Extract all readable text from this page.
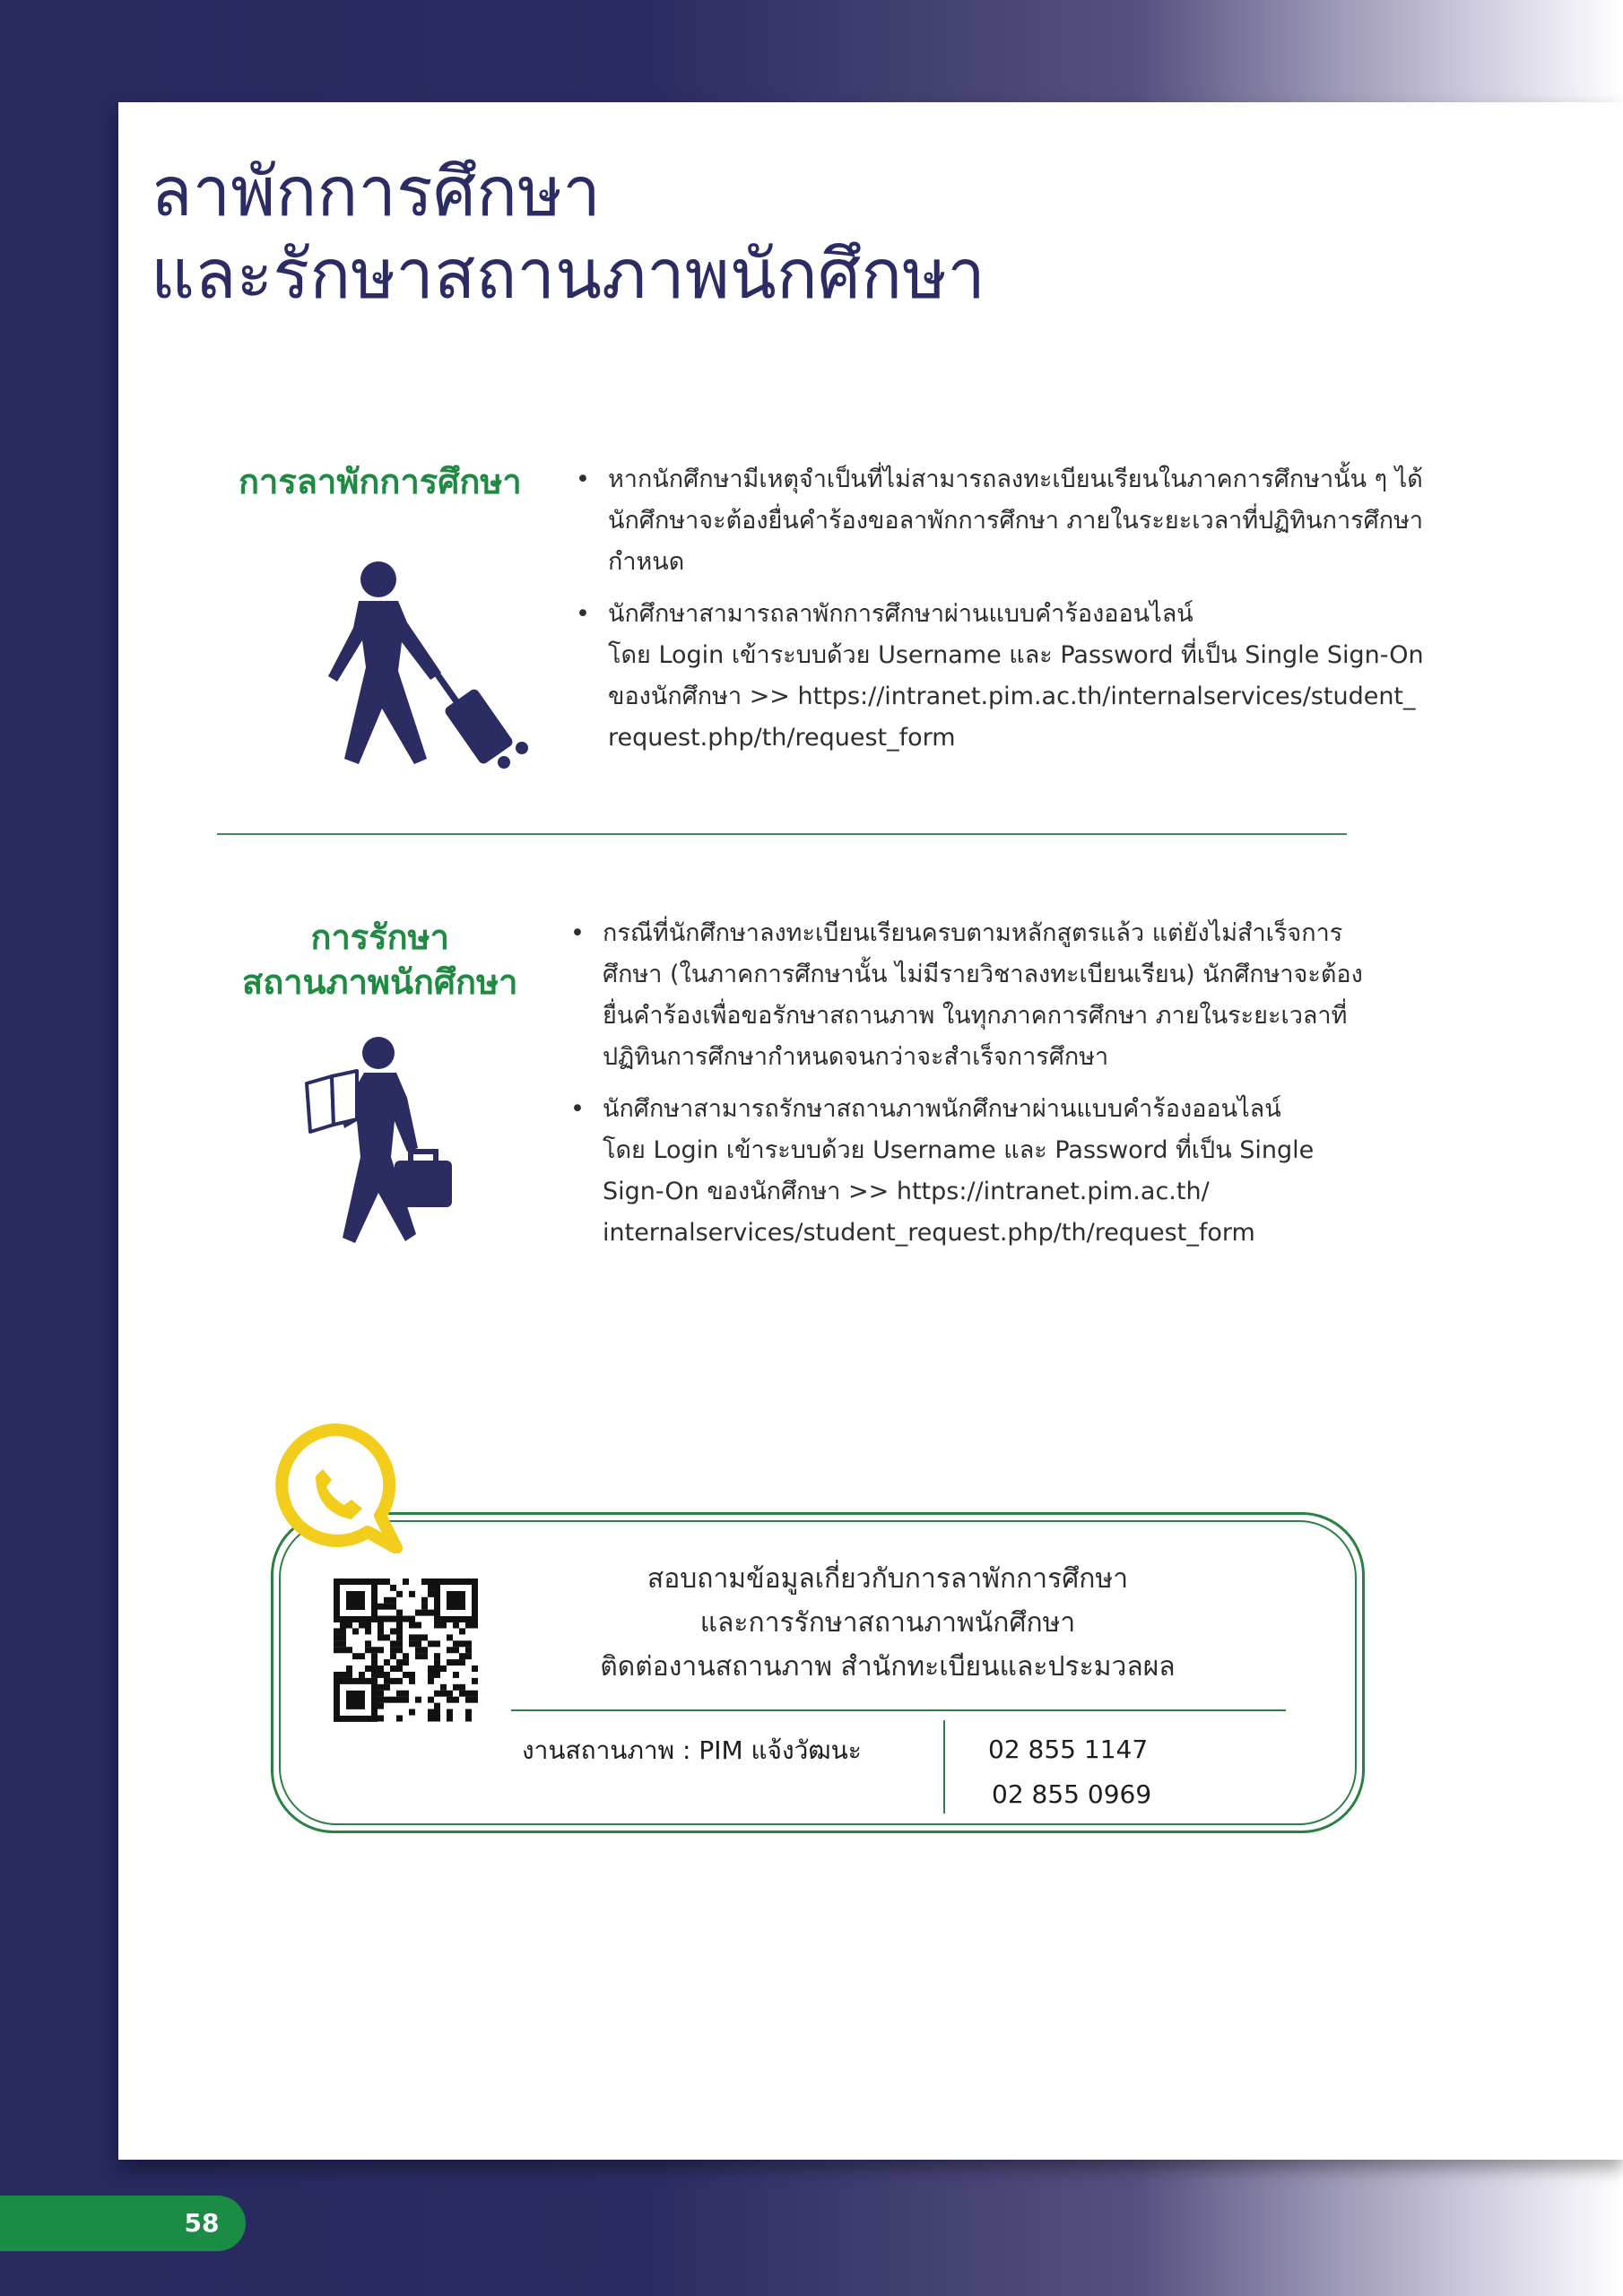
ลาพักการศึกษา
และรักษาสถานภาพนักศึกษา
การลาพักการศึกษา
•	หากนักศึกษามีเหตุจำเป็นที่ไม่สามารถลงทะเบียนเรียนในภาคการศึกษานั้น ๆ ได้
นักศึกษาจะต้องยื่นคำร้องขอลาพักการศึกษา ภายในระยะเวลาที่ปฏิทินการศึกษา
กำหนด
• นักศึกษาสามารถลาพักการศึกษาผ่านแบบคำร้องออนไลน์
โดย Login เข้าระบบด้วย Username และ Password ที่เป็น Single Sign-On
ของนักศึกษา >> https://intranet.pim.ac.th/internalservices/student_
request.php/th/request_form
การรักษา
สถานภาพนักศึกษา
• กรณีที่นักศึกษาลงทะเบียนเรียนครบตามหลักสูตรแล้ว แต่ยังไม่สำเร็จการ
ศึกษา (ในภาคการศึกษานั้น ไม่มีรายวิชาลงทะเบียนเรียน) นักศึกษาจะต้อง
ยื่นคำร้องเพื่อขอรักษาสถานภาพ ในทุกภาคการศึกษา ภายในระยะเวลาที่
ปฏิทินการศึกษากำหนดจนกว่าจะสำเร็จการศึกษา
• นักศึกษาสามารถรักษาสถานภาพนักศึกษาผ่านแบบคำร้องออนไลน์
โดย Login เข้าระบบด้วย Username และ Password ที่เป็น Single
Sign-On ของนักศึกษา >> https://intranet.pim.ac.th/
internalservices/student_request.php/th/request_form
สอบถามข้อมูลเกี่ยวกับการลาพักการศึกษา
และการรักษาสถานภาพนักศึกษา
ติดต่องานสถานภาพ สำนักทะเบียนและประมวลผล
งานสถานภาพ : PIM แจ้งวัฒนะ	02 855 1147
02 855 0969
58
